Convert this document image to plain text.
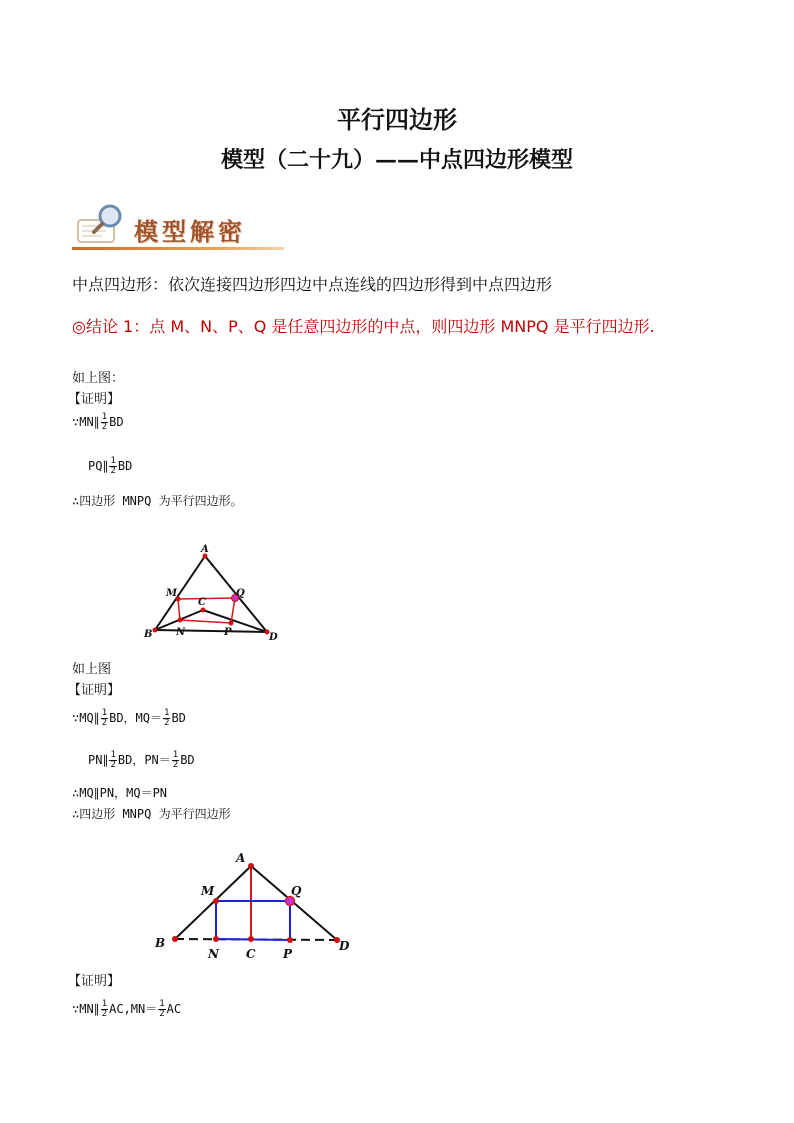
平行四边形
模型（二十九）——中点四边形模型
模型解密
中点四边形：依次连接四边形四边中点连线的四边形得到中点四边形
◎结论 1：点 M、N、P、Q 是任意四边形的中点，则四边形 MNPQ 是平行四边形.
如上图：
【证明】
∵MN∥ $\frac{1}{2}$ BD
PQ∥ $\frac{1}{2}$ BD
∴四边形 MNPQ 为平行四边形。
A
B	D
C
M
N	P
Q
如上图
【证明】
∵MQ∥ $\frac{1}{2}$ BD，$MQ= \frac{1}{2}$ BD
PN∥ $\frac{1}{2}$ BD，$PN= \frac{1}{2}$ BD
∴MQ∥PN，MQ＝PN
∴四边形 MNPQ 为平行四边形
A
B	D
M	Q
N C P
【证明】
∵MN∥ $\frac{1}{2} AC,MN= \frac{1}{2}$ AC
